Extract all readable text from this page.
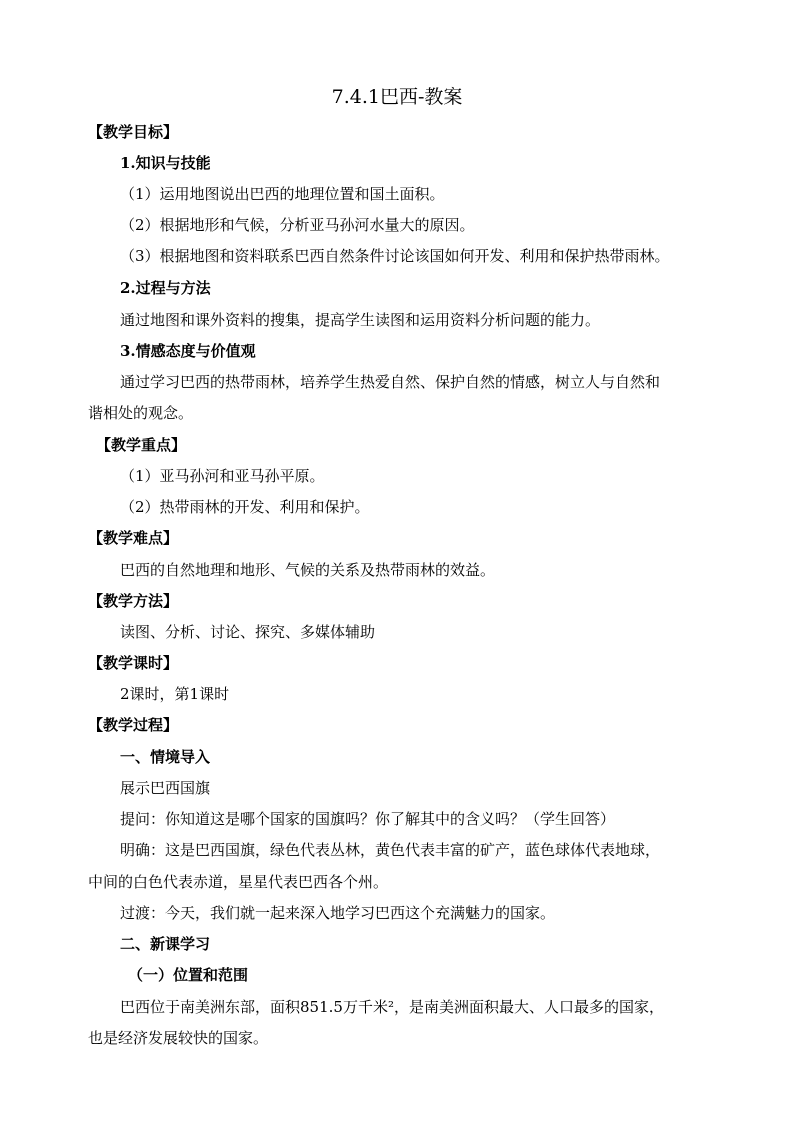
7.4.1巴西-教案
【教学目标】
1.知识与技能
（1）运用地图说出巴西的地理位置和国土面积。
（2）根据地形和气候，分析亚马孙河水量大的原因。
（3）根据地图和资料联系巴西自然条件讨论该国如何开发、利用和保护热带雨林。
2.过程与方法
通过地图和课外资料的搜集，提高学生读图和运用资料分析问题的能力。
3.情感态度与价值观
通过学习巴西的热带雨林，培养学生热爱自然、保护自然的情感，树立人与自然和
谐相处的观念。
【教学重点】
（1）亚马孙河和亚马孙平原。
（2）热带雨林的开发、利用和保护。
【教学难点】
巴西的自然地理和地形、气候的关系及热带雨林的效益。
【教学方法】
读图、分析、讨论、探究、多媒体辅助
【教学课时】
2课时，第1课时
【教学过程】
一、情境导入
展示巴西国旗
提问：你知道这是哪个国家的国旗吗？你了解其中的含义吗？（学生回答）
明确：这是巴西国旗，绿色代表丛林，黄色代表丰富的矿产，蓝色球体代表地球，
中间的白色代表赤道，星星代表巴西各个州。
过渡：今天，我们就一起来深入地学习巴西这个充满魅力的国家。
二、新课学习
（一）位置和范围
巴西位于南美洲东部，面积851.5万千米²，是南美洲面积最大、人口最多的国家，
也是经济发展较快的国家。
